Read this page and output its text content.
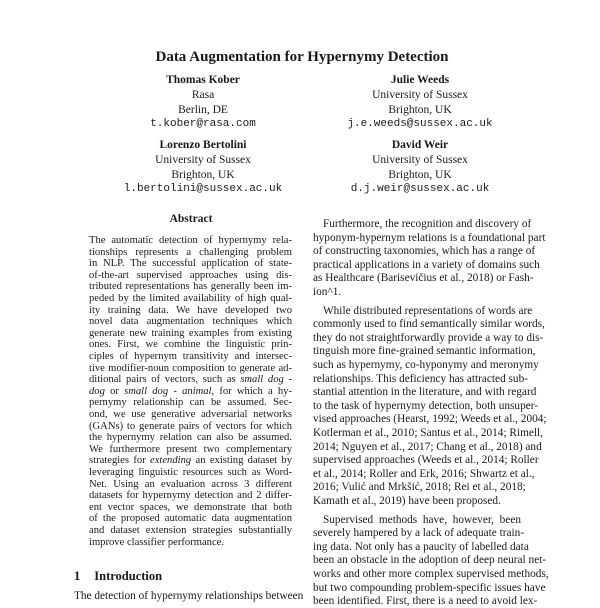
Data Augmentation for Hypernymy Detection
Thomas Kober
Rasa
Berlin, DE
t.kober@rasa.com
Julie Weeds
University of Sussex
Brighton, UK
j.e.weeds@sussex.ac.uk
Lorenzo Bertolini
University of Sussex
Brighton, UK
l.bertolini@sussex.ac.uk
David Weir
University of Sussex
Brighton, UK
d.j.weir@sussex.ac.uk
Abstract
The automatic detection of hypernymy rela-
tionships represents a challenging problem
in NLP. The successful application of state-
of-the-art supervised approaches using dis-
tributed representations has generally been im-
peded by the limited availability of high qual-
ity training data. We have developed two
novel data augmentation techniques which
generate new training examples from existing
ones. First, we combine the linguistic prin-
ciples of hypernym transitivity and intersec-
tive modifier-noun composition to generate ad-
ditional pairs of vectors, such as small dog -
dog or small dog - animal, for which a hy-
pernymy relationship can be assumed. Sec-
ond, we use generative adversarial networks
(GANs) to generate pairs of vectors for which
the hypernymy relation can also be assumed.
We furthermore present two complementary
strategies for extending an existing dataset by
leveraging linguistic resources such as Word-
Net. Using an evaluation across 3 different
datasets for hypernymy detection and 2 differ-
ent vector spaces, we demonstrate that both
of the proposed automatic data augmentation
and dataset extension strategies substantially
improve classifier performance.
1 Introduction
The detection of hypernymy relationships between
Furthermore, the recognition and discovery of
hyponym-hypernym relations is a foundational part
of constructing taxonomies, which has a range of
practical applications in a variety of domains such
as Healthcare (Barisevičius et al., 2018) or Fash-
ion^1.
While distributed representations of words are
commonly used to find semantically similar words,
they do not straightforwardly provide a way to dis-
tinguish more fine-grained semantic information,
such as hypernymy, co-hyponymy and meronymy
relationships. This deficiency has attracted sub-
stantial attention in the literature, and with regard
to the task of hypernymy detection, both unsuper-
vised approaches (Hearst, 1992; Weeds et al., 2004;
Kotlerman et al., 2010; Santus et al., 2014; Rimell,
2014; Nguyen et al., 2017; Chang et al., 2018) and
supervised approaches (Weeds et al., 2014; Roller
et al., 2014; Roller and Erk, 2016; Shwartz et al.,
2016; Vulić and Mrkšić, 2018; Rei et al., 2018;
Kamath et al., 2019) have been proposed.
Supervised methods have, however, been
severely hampered by a lack of adequate train-
ing data. Not only has a paucity of labelled data
been an obstacle in the adoption of deep neural net-
works and other more complex supervised methods,
but two compounding problem-specific issues have
been identified. First, there is a need to avoid lex-
